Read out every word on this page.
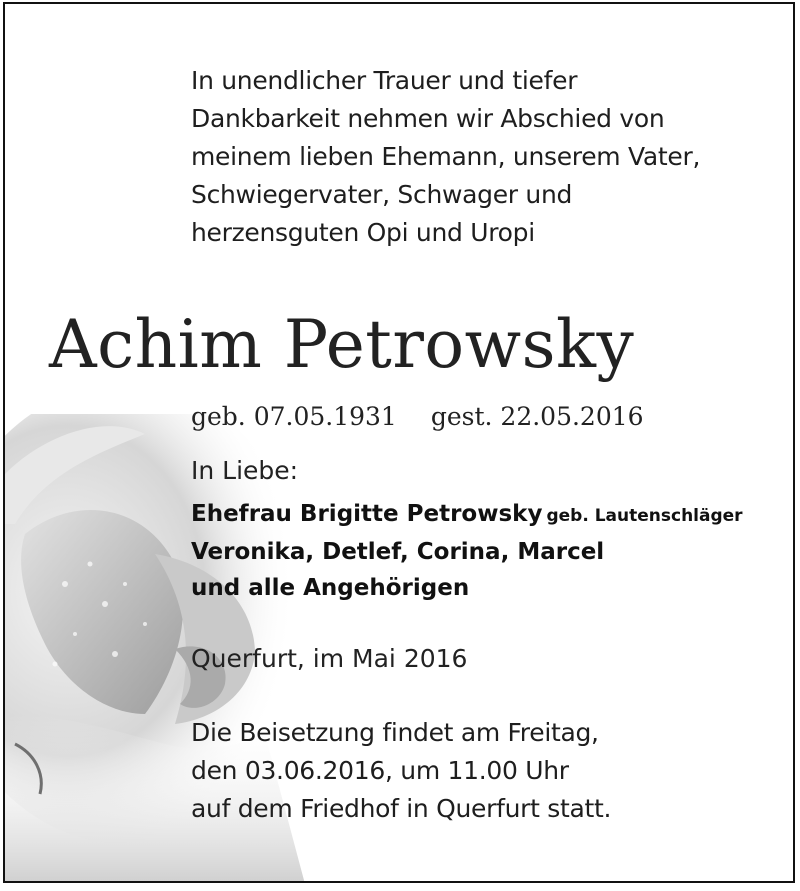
In unendlicher Trauer und tiefer
Dankbarkeit nehmen wir Abschied von
meinem lieben Ehemann, unserem Vater,
Schwiegervater, Schwager und
herzensguten Opi und Uropi
Achim Petrowsky
geb. 07.05.1931 gest. 22.05.2016
In Liebe:
Ehefrau Brigitte Petrowsky geb. Lautenschläger
Veronika, Detlef, Corina, Marcel
und alle Angehörigen
Querfurt, im Mai 2016
Die Beisetzung findet am Freitag,
den 03.06.2016, um 11.00 Uhr
auf dem Friedhof in Querfurt statt.
